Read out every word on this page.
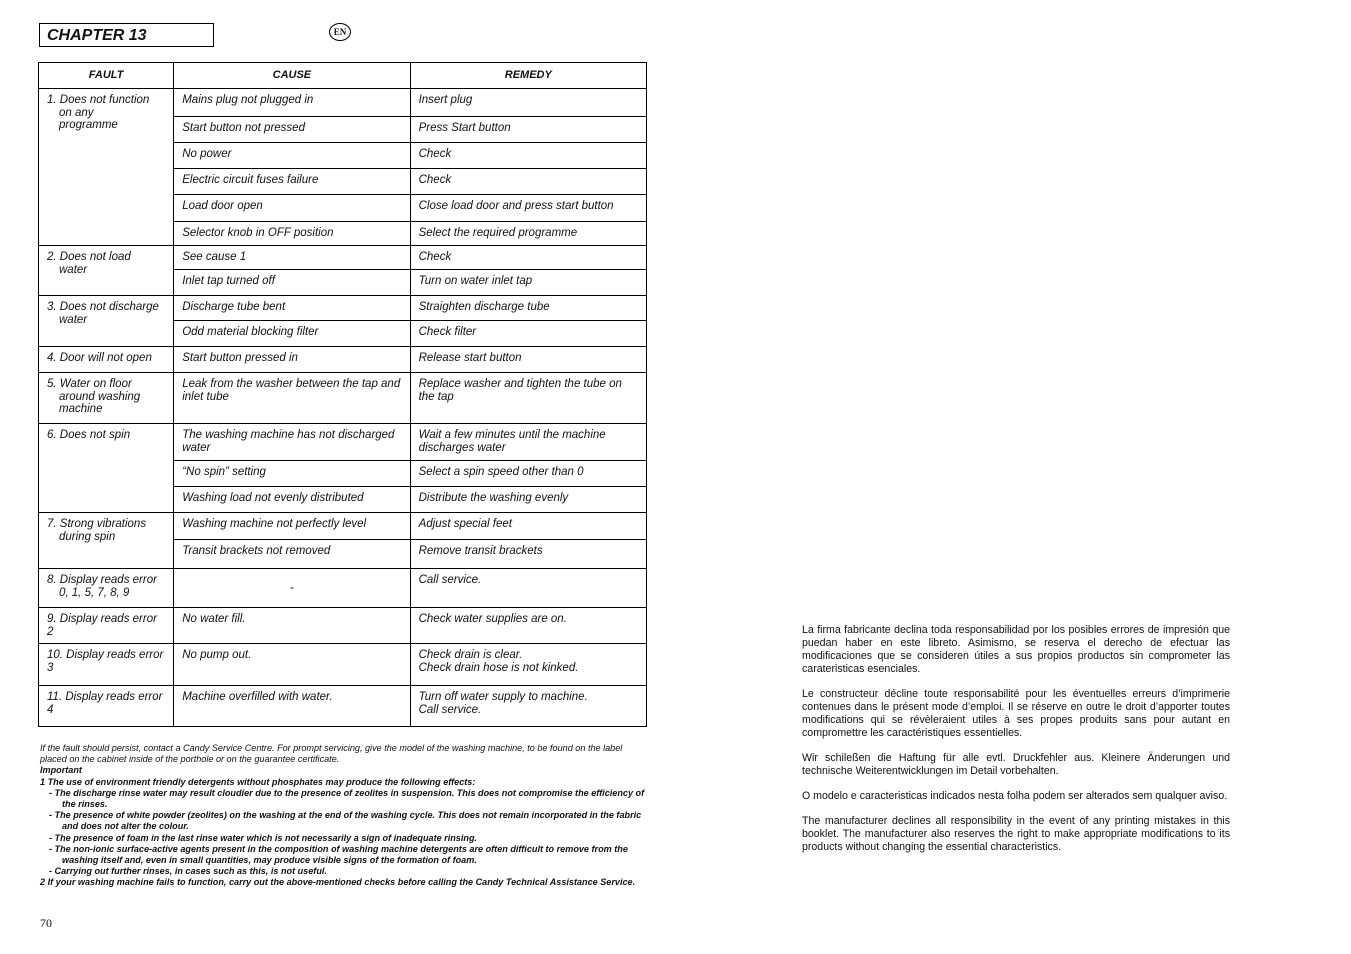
CHAPTER 13	EN
FAULT	CAUSE	REMEDY

1. Does not function
on any
programme	Mains plug not plugged in	Insert plug
	Start button not pressed	Press Start button
	No power	Check
	Electric circuit fuses failure	Check
	Load door open	Close load door and press start button
	Selector knob in OFF position	Select the required programme

2. Does not load
water	See cause 1	Check
	Inlet tap turned off	Turn on water inlet tap

3. Does not discharge
water	Discharge tube bent	Straighten discharge tube
	Odd material blocking filter	Check filter

4. Door will not open	Start button pressed in	Release start button

5. Water on floor
around washing
machine	Leak from the washer between the tap and inlet tube	Replace washer and tighten the tube on the tap

6. Does not spin	The washing machine has not discharged water	Wait a few minutes until the machine discharges water
	“No spin” setting	Select a spin speed other than 0
	Washing load not evenly distributed	Distribute the washing evenly

7. Strong vibrations
during spin	Washing machine not perfectly level	Adjust special feet
	Transit brackets not removed	Remove transit brackets

8. Display reads error
0, 1, 5, 7, 8, 9	-	Call service.

9. Display reads error 2	No water fill.	Check water supplies are on.

10. Display reads error 3	No pump out.	Check drain is clear.
Check drain hose is not kinked.

11. Display reads error 4	Machine overfilled with water.	Turn off water supply to machine.
Call service.

If the fault should persist, contact a Candy Service Centre. For prompt servicing, give the model of the washing machine, to be found on the label placed on the cabinet inside of the porthole or on the guarantee certificate.

Important

1 The use of environment friendly detergents without phosphates may produce the following effects:

- The discharge rinse water may result cloudier due to the presence of zeolites in suspension. This does not compromise the efficiency of the rinses.

- The presence of white powder (zeolites) on the washing at the end of the washing cycle. This does not remain incorporated in the fabric and does not alter the colour.

- The presence of foam in the last rinse water which is not necessarily a sign of inadequate rinsing.

- The non-ionic surface-active agents present in the composition of washing machine detergents are often difficult to remove from the washing itself and, even in small quantities, may produce visible signs of the formation of foam.

- Carrying out further rinses, in cases such as this, is not useful.

2 If your washing machine fails to function, carry out the above-mentioned checks before calling the Candy Technical Assistance Service.

70

La firma fabricante declina toda responsabilidad por los posibles errores de impresión que puedan haber en este libreto. Asimismo, se reserva el derecho de efectuar las modificaciones que se consideren útiles a sus propios productos sin comprometer las carateristicas esenciales.

Le constructeur décline toute responsabilité pour les éventuelles erreurs d’imprimerie contenues dans le présent mode d’emploi. Il se réserve en outre le droit d’apporter toutes modifications qui se révèleraient utiles à ses propes produits sans pour autant en compromettre les caractéristiques essentielles.

Wir schileßen die Haftung für alle evtl. Druckfehler aus. Kleinere Änderungen und technische Weiterentwicklungen im Detail vorbehalten.

O modelo e caracteristicas indicados nesta folha podem ser alterados sem qualquer aviso.

The manufacturer declines all responsibility in the event of any printing mistakes in this booklet. The manufacturer also reserves the right to make appropriate modifications to its products without changing the essential characteristics.
